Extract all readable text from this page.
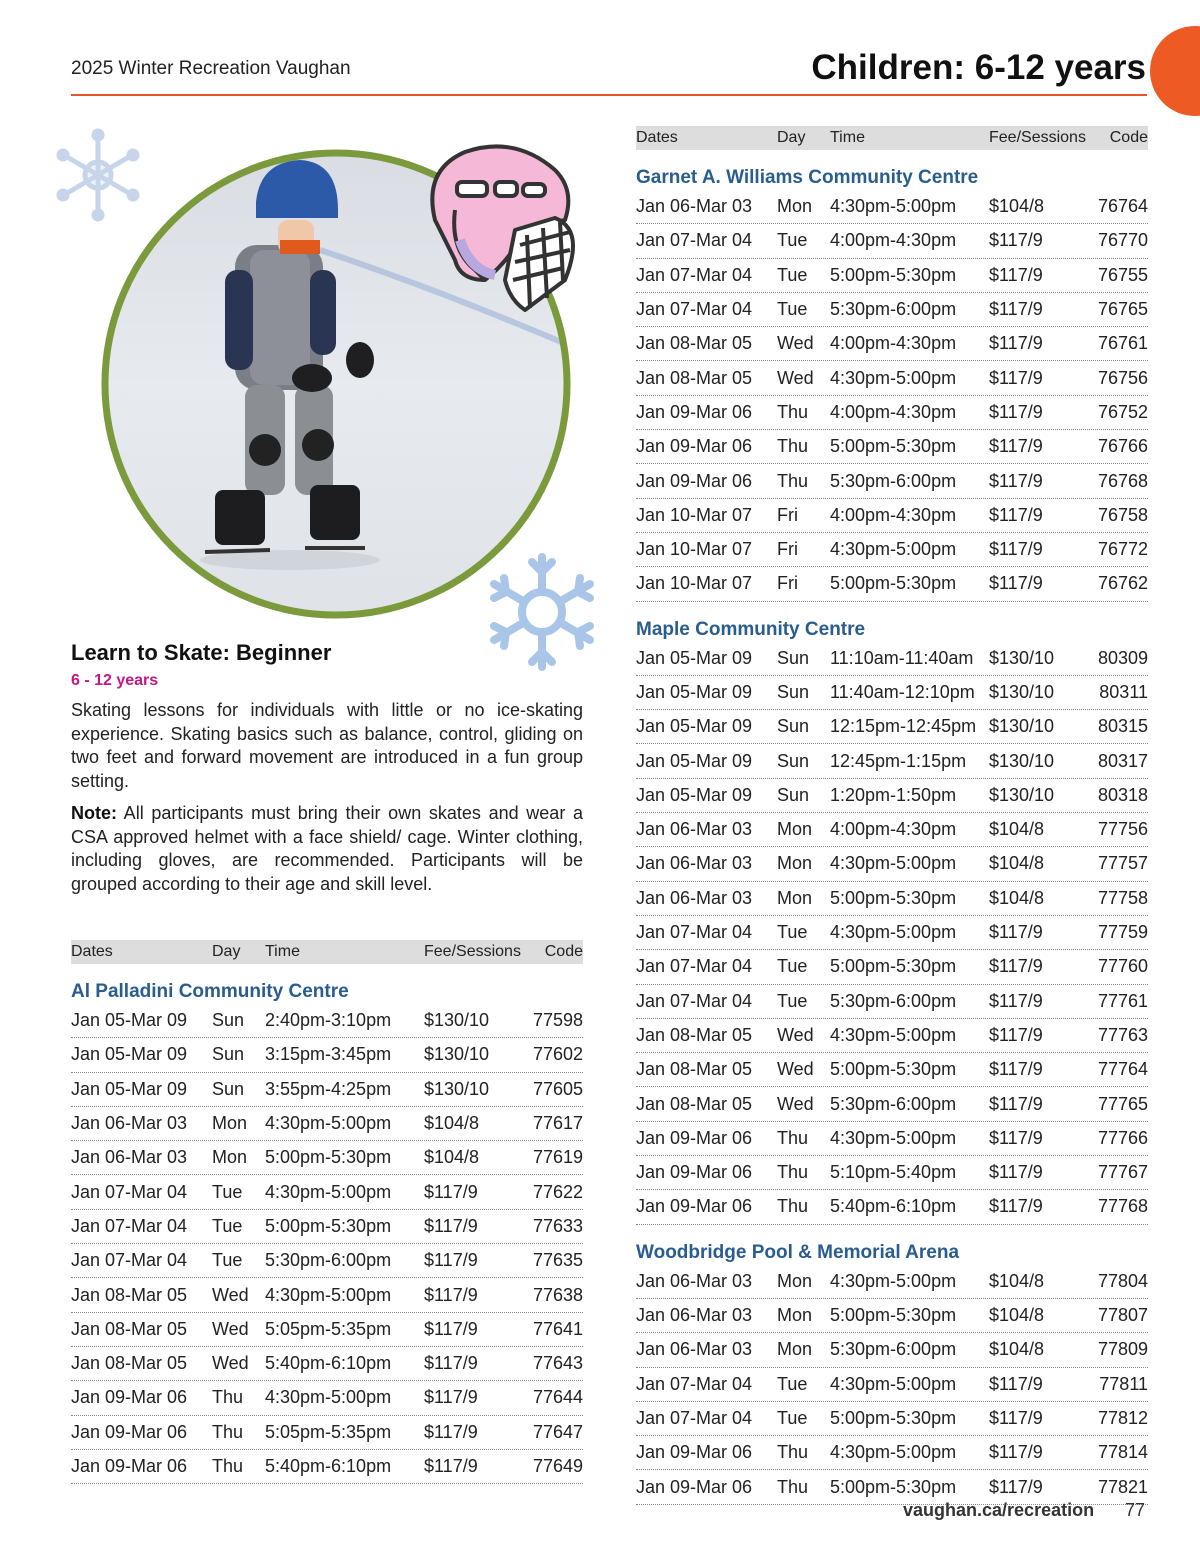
2025 Winter Recreation Vaughan	Children: 6-12 years
Learn to Skate: Beginner
6 - 12 years
Skating lessons for individuals with little or no ice-skating experience. Skating basics such as balance, control, gliding on two feet and forward movement are introduced in a fun group setting.
Note: All participants must bring their own skates and wear a CSA approved helmet with a face shield/ cage. Winter clothing, including gloves, are recommended. Participants will be grouped according to their age and skill level.
Dates	Day	Time	Fee/Sessions	Code
Al Palladini Community Centre
Jan 05-Mar 09	Sun	2:40pm-3:10pm	$130/10	77598
Jan 05-Mar 09	Sun	3:15pm-3:45pm	$130/10	77602
Jan 05-Mar 09	Sun	3:55pm-4:25pm	$130/10	77605
Jan 06-Mar 03	Mon 4:30pm-5:00pm	$104/8	77617
Jan 06-Mar 03	Mon 5:00pm-5:30pm	$104/8	77619
Jan 07-Mar 04	Tue	4:30pm-5:00pm	$117/9	77622
Jan 07-Mar 04	Tue	5:00pm-5:30pm	$117/9	77633
Jan 07-Mar 04	Tue	5:30pm-6:00pm	$117/9	77635
Jan 08-Mar 05	Wed 4:30pm-5:00pm	$117/9	77638
Jan 08-Mar 05	Wed 5:05pm-5:35pm	$117/9	77641
Jan 08-Mar 05	Wed 5:40pm-6:10pm	$117/9	77643
Jan 09-Mar 06	Thu	4:30pm-5:00pm	$117/9	77644
Jan 09-Mar 06	Thu	5:05pm-5:35pm	$117/9	77647
Jan 09-Mar 06	Thu	5:40pm-6:10pm	$117/9	77649
Dates	Day	Time	Fee/Sessions	Code
Garnet A. Williams Community Centre
Jan 06-Mar 03	Mon 4:30pm-5:00pm	$104/8	76764
Jan 07-Mar 04	Tue	4:00pm-4:30pm	$117/9	76770
Jan 07-Mar 04	Tue	5:00pm-5:30pm	$117/9	76755
Jan 07-Mar 04	Tue	5:30pm-6:00pm	$117/9	76765
Jan 08-Mar 05	Wed 4:00pm-4:30pm	$117/9	76761
Jan 08-Mar 05	Wed 4:30pm-5:00pm	$117/9	76756
Jan 09-Mar 06	Thu	4:00pm-4:30pm	$117/9	76752
Jan 09-Mar 06	Thu	5:00pm-5:30pm	$117/9	76766
Jan 09-Mar 06	Thu	5:30pm-6:00pm	$117/9	76768
Jan 10-Mar 07	Fri	4:00pm-4:30pm	$117/9	76758
Jan 10-Mar 07	Fri	4:30pm-5:00pm	$117/9	76772
Jan 10-Mar 07	Fri	5:00pm-5:30pm	$117/9	76762
Maple Community Centre
Jan 05-Mar 09	Sun	11:10am-11:40am $130/10	80309
Jan 05-Mar 09	Sun	11:40am-12:10pm $130/10	80311
Jan 05-Mar 09	Sun	12:15pm-12:45pm $130/10	80315
Jan 05-Mar 09	Sun	12:45pm-1:15pm	$130/10	80317
Jan 05-Mar 09	Sun	1:20pm-1:50pm	$130/10	80318
Jan 06-Mar 03	Mon 4:00pm-4:30pm	$104/8	77756
Jan 06-Mar 03	Mon 4:30pm-5:00pm	$104/8	77757
Jan 06-Mar 03	Mon 5:00pm-5:30pm	$104/8	77758
Jan 07-Mar 04	Tue	4:30pm-5:00pm	$117/9	77759
Jan 07-Mar 04	Tue	5:00pm-5:30pm	$117/9	77760
Jan 07-Mar 04	Tue	5:30pm-6:00pm	$117/9	77761
Jan 08-Mar 05	Wed 4:30pm-5:00pm	$117/9	77763
Jan 08-Mar 05	Wed 5:00pm-5:30pm	$117/9	77764
Jan 08-Mar 05	Wed 5:30pm-6:00pm	$117/9	77765
Jan 09-Mar 06	Thu	4:30pm-5:00pm	$117/9	77766
Jan 09-Mar 06	Thu	5:10pm-5:40pm	$117/9	77767
Jan 09-Mar 06	Thu	5:40pm-6:10pm	$117/9	77768
Woodbridge Pool & Memorial Arena
Jan 06-Mar 03	Mon 4:30pm-5:00pm	$104/8	77804
Jan 06-Mar 03	Mon 5:00pm-5:30pm	$104/8	77807
Jan 06-Mar 03	Mon 5:30pm-6:00pm	$104/8	77809
Jan 07-Mar 04	Tue	4:30pm-5:00pm	$117/9	77811
Jan 07-Mar 04	Tue	5:00pm-5:30pm	$117/9	77812
Jan 09-Mar 06	Thu	4:30pm-5:00pm	$117/9	77814
Jan 09-Mar 06	Thu	5:00pm-5:30pm	$117/9	77821
vaughan.ca/recreation 77
